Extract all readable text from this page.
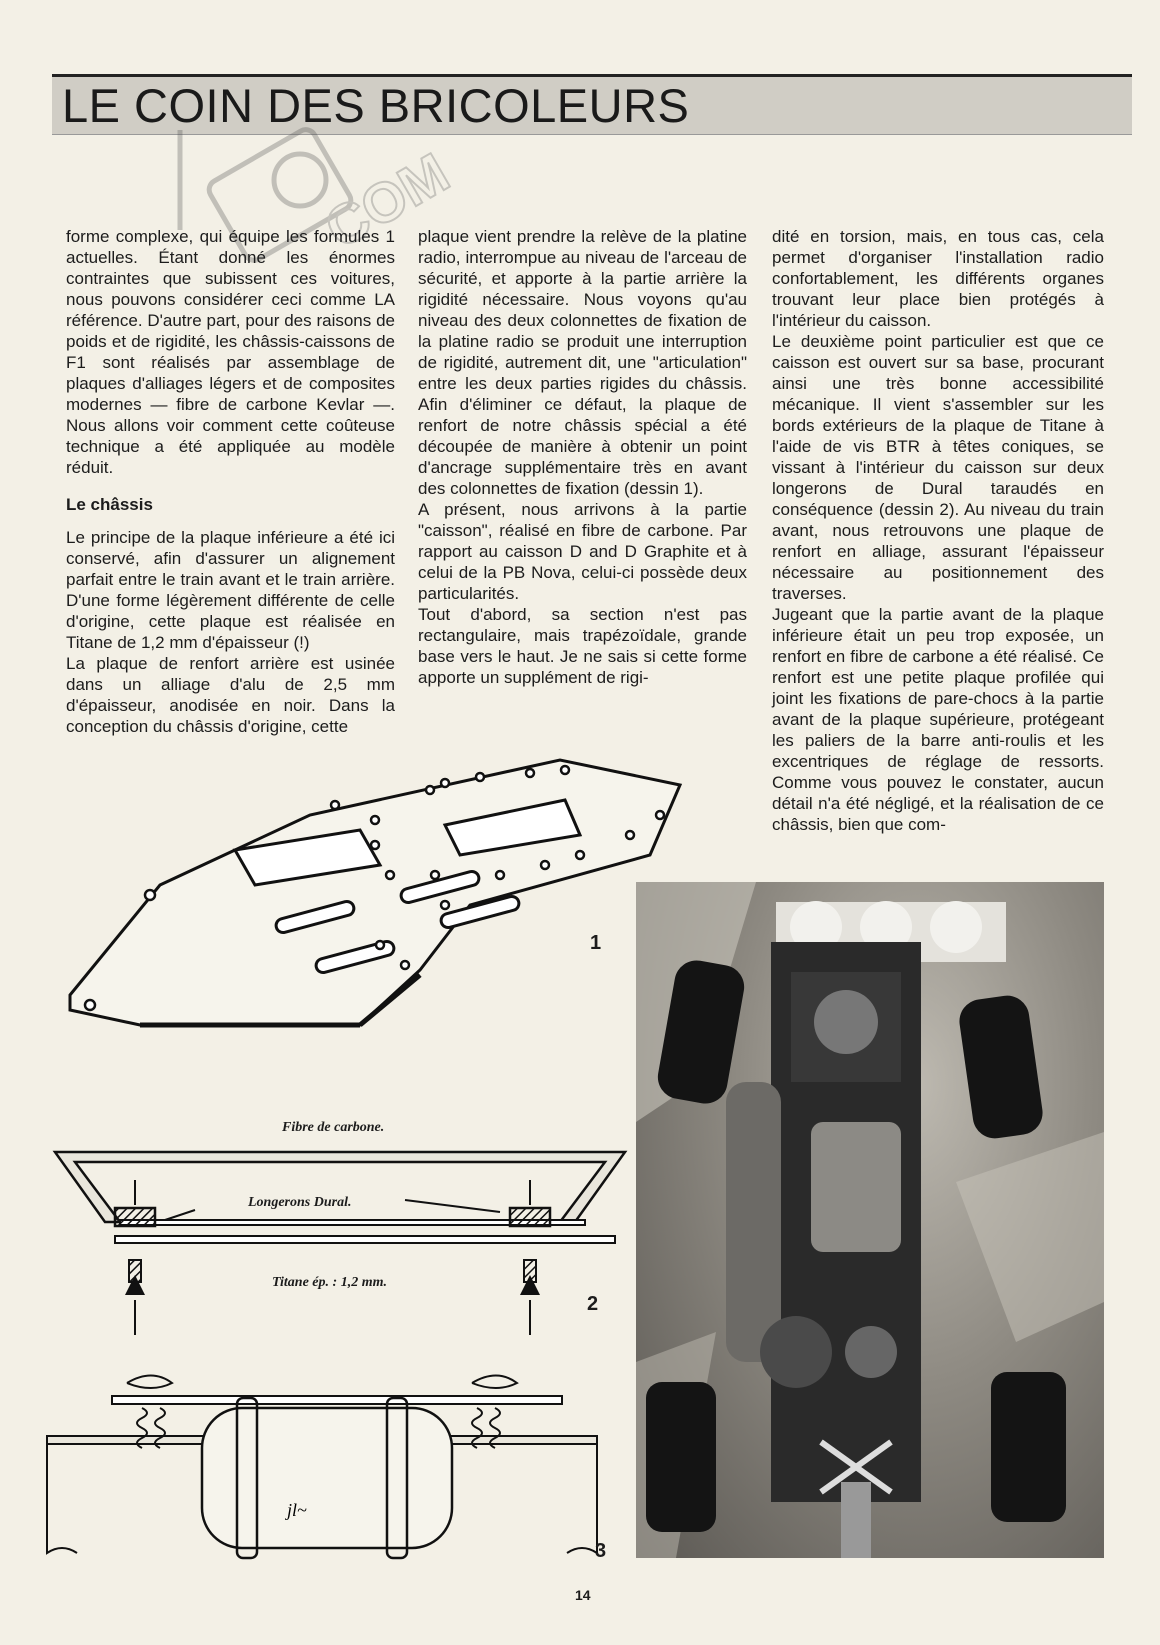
LE COIN DES BRICOLEURS
COM

forme complexe, qui équipe les formules 1 actuelles. Étant donné les énormes contraintes que subissent ces voitures, nous pouvons considérer ceci comme LA référence. D'autre part, pour des raisons de poids et de rigidité, les châssis-caissons de F1 sont réalisés par assemblage de plaques d'alliages légers et de composites modernes — fibre de carbone Kevlar —. Nous allons voir comment cette coûteuse technique a été appliquée au modèle réduit.

Le châssis

Le principe de la plaque inférieure a été ici conservé, afin d'assurer un alignement parfait entre le train avant et le train arrière. D'une forme légèrement différente de celle d'origine, cette plaque est réalisée en Titane de 1,2 mm d'épaisseur (!)

La plaque de renfort arrière est usinée dans un alliage d'alu de 2,5 mm d'épaisseur, anodisée en noir. Dans la conception du châssis d'origine, cette

plaque vient prendre la relève de la platine radio, interrompue au niveau de l'arceau de sécurité, et apporte à la partie arrière la rigidité nécessaire. Nous voyons qu'au niveau des deux colonnettes de fixation de la platine radio se produit une interruption de rigidité, autrement dit, une "articulation" entre les deux parties rigides du châssis. Afin d'éliminer ce défaut, la plaque de renfort de notre châssis spécial a été découpée de manière à obtenir un point d'ancrage supplémentaire très en avant des colonnettes de fixation (dessin 1).

A présent, nous arrivons à la partie "caisson", réalisé en fibre de carbone. Par rapport au caisson D and D Graphite et à celui de la PB Nova, celui-ci possède deux particularités.

Tout d'abord, sa section n'est pas rectangulaire, mais trapézoïdale, grande base vers le haut. Je ne sais si cette forme apporte un supplément de rigi-

dité en torsion, mais, en tous cas, cela permet d'organiser l'installation radio confortablement, les différents organes trouvant leur place bien protégés à l'intérieur du caisson.

Le deuxième point particulier est que ce caisson est ouvert sur sa base, procurant ainsi une très bonne accessibilité mécanique. Il vient s'assembler sur les bords extérieurs de la plaque de Titane à l'aide de vis BTR à têtes coniques, se vissant à l'intérieur du caisson sur deux longerons de Dural taraudés en conséquence (dessin 2). Au niveau du train avant, nous retrouvons une plaque de renfort en alliage, assurant l'épaisseur nécessaire au positionnement des traverses.

Jugeant que la partie avant de la plaque inférieure était un peu trop exposée, un renfort en fibre de carbone a été réalisé. Ce renfort est une petite plaque profilée qui joint les fixations de pare-chocs à la partie avant de la plaque supérieure, protégeant les paliers de la barre anti-roulis et les excentriques de réglage de ressorts. Comme vous pouvez le constater, aucun détail n'a été négligé, et la réalisation de ce châssis, bien que com-

1
Fibre de carbone.
Longerons Dural.
Titane ép. : 1,2 mm.
2
jl~
3
14
